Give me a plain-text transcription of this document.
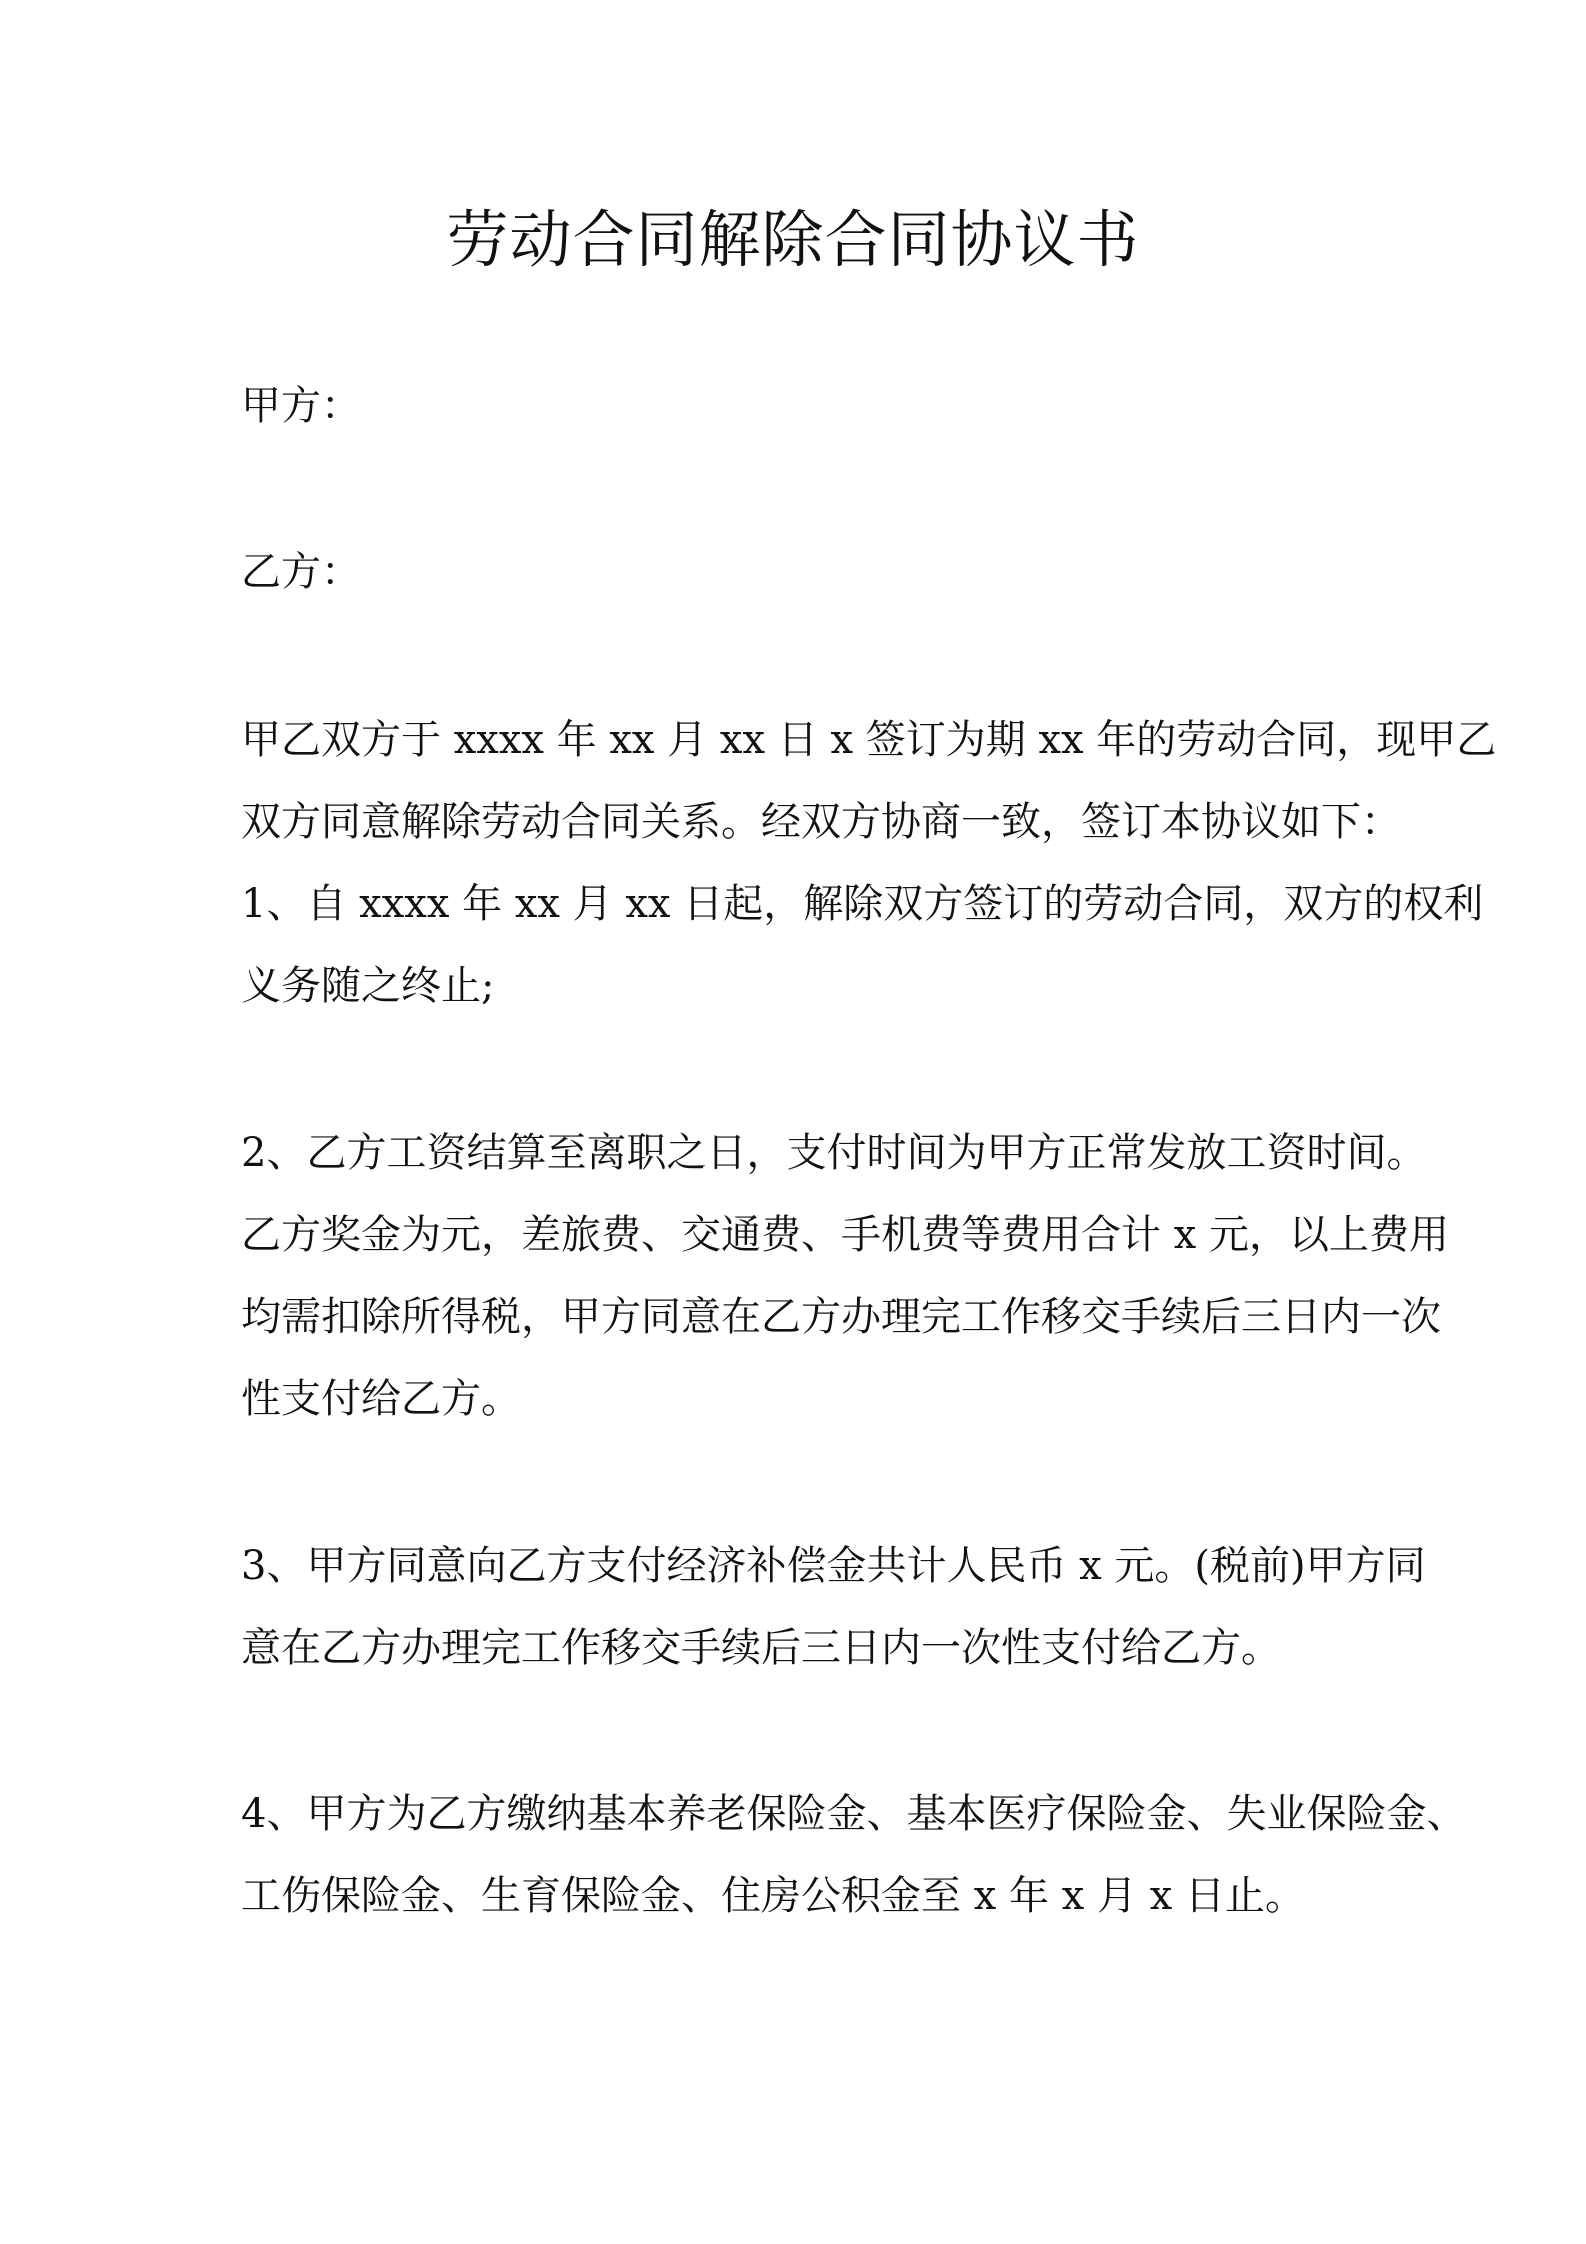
劳动合同解除合同协议书
甲方：
乙方：
甲乙双方于 xxxx 年 xx 月 xx 日 x 签订为期 xx 年的劳动合同，现甲乙
双方同意解除劳动合同关系。经双方协商一致，签订本协议如下：
1、自 xxxx 年 xx 月 xx 日起，解除双方签订的劳动合同，双方的权利
义务随之终止;
2、乙方工资结算至离职之日，支付时间为甲方正常发放工资时间。
乙方奖金为元，差旅费、交通费、手机费等费用合计 x 元，以上费用
均需扣除所得税，甲方同意在乙方办理完工作移交手续后三日内一次
性支付给乙方。
3、甲方同意向乙方支付经济补偿金共计人民币 x 元。(税前)甲方同
意在乙方办理完工作移交手续后三日内一次性支付给乙方。
4、甲方为乙方缴纳基本养老保险金、基本医疗保险金、失业保险金、
工伤保险金、生育保险金、住房公积金至 x 年 x 月 x 日止。
